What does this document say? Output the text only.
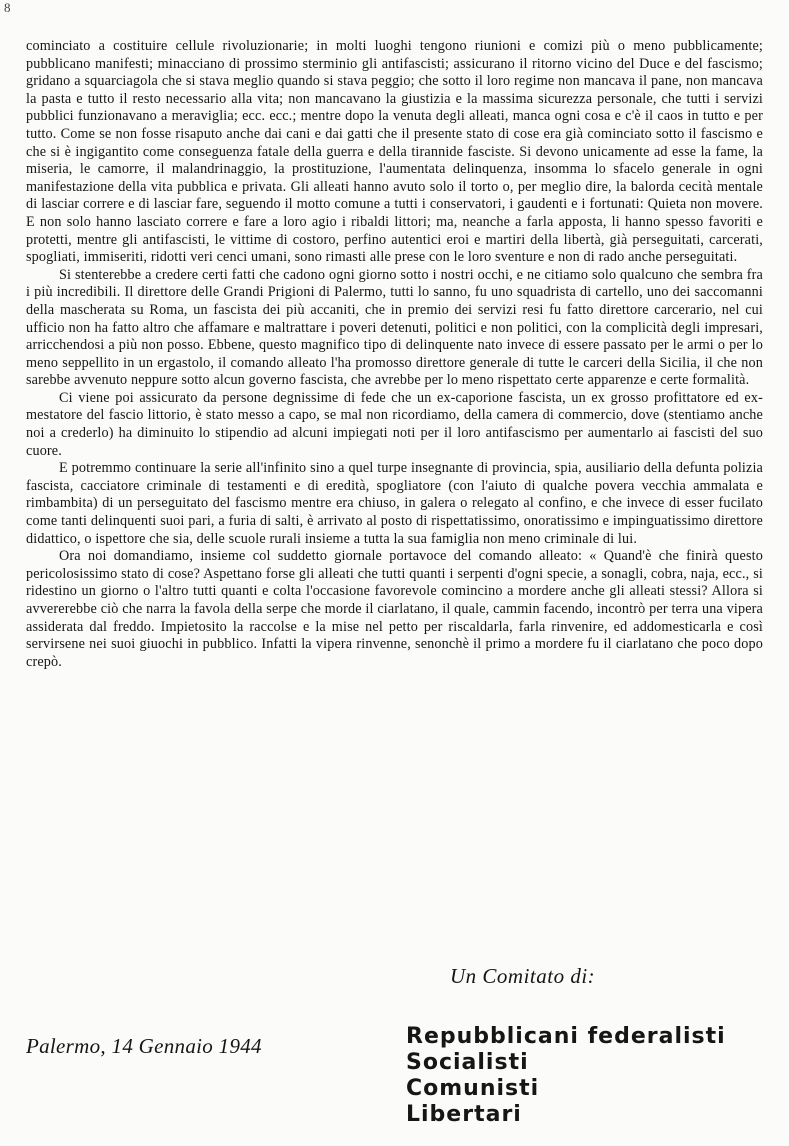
8

cominciato a costituire cellule rivoluzionarie; in molti luoghi tengono riunioni e comizi più o meno pubblicamente; pubblicano manifesti; minacciano di prossimo sterminio gli antifascisti; assicurano il ritorno vicino del Duce e del fascismo; gridano a squarciagola che si stava meglio quando si stava peggio; che sotto il loro regime non mancava il pane, non mancava la pasta e tutto il resto necessario alla vita; non mancavano la giustizia e la massima sicurezza personale, che tutti i servizi pubblici funzionavano a meraviglia; ecc. ecc.; mentre dopo la venuta degli alleati, manca ogni cosa e c'è il caos in tutto e per tutto. Come se non fosse risaputo anche dai cani e dai gatti che il presente stato di cose era già cominciato sotto il fascismo e che si è ingigantito come conseguenza fatale della guerra e della tirannide fasciste. Si devono unicamente ad esse la fame, la miseria, le camorre, il malandrinaggio, la prostituzione, l'aumentata delinquenza, insomma lo sfacelo generale in ogni manifestazione della vita pubblica e privata. Gli alleati hanno avuto solo il torto o, per meglio dire, la balorda cecità mentale di lasciar correre e di lasciar fare, seguendo il motto comune a tutti i conservatori, i gaudenti e i fortunati: Quieta non movere. E non solo hanno lasciato correre e fare a loro agio i ribaldi littori; ma, neanche a farla apposta, li hanno spesso favoriti e protetti, mentre gli antifascisti, le vittime di costoro, perfino autentici eroi e martiri della libertà, già perseguitati, carcerati, spogliati, immiseriti, ridotti veri cenci umani, sono rimasti alle prese con le loro sventure e non di rado anche perseguitati.

Si stenterebbe a credere certi fatti che cadono ogni giorno sotto i nostri occhi, e ne citiamo solo qualcuno che sembra fra i più incredibili. Il direttore delle Grandi Prigioni di Palermo, tutti lo sanno, fu uno squadrista di cartello, uno dei saccomanni della mascherata su Roma, un fascista dei più accaniti, che in premio dei servizi resi fu fatto direttore carcerario, nel cui ufficio non ha fatto altro che affamare e maltrattare i poveri detenuti, politici e non politici, con la complicità degli impresari, arricchendosi a più non posso. Ebbene, questo magnifico tipo di delinquente nato invece di essere passato per le armi o per lo meno seppellito in un ergastolo, il comando alleato l'ha promosso direttore generale di tutte le carceri della Sicilia, il che non sarebbe avvenuto neppure sotto alcun governo fascista, che avrebbe per lo meno rispettato certe apparenze e certe formalità.

Ci viene poi assicurato da persone degnissime di fede che un ex-caporione fascista, un ex grosso profittatore ed ex-mestatore del fascio littorio, è stato messo a capo, se mal non ricordiamo, della camera di commercio, dove (stentiamo anche noi a crederlo) ha diminuito lo stipendio ad alcuni impiegati noti per il loro antifascismo per aumentarlo ai fascisti del suo cuore.

E potremmo continuare la serie all'infinito sino a quel turpe insegnante di provincia, spia, ausiliario della defunta polizia fascista, cacciatore criminale di testamenti e di eredità, spogliatore (con l'aiuto di qualche povera vecchia ammalata e rimbambita) di un perseguitato del fascismo mentre era chiuso, in galera o relegato al confino, e che invece di esser fucilato come tanti delinquenti suoi pari, a furia di salti, è arrivato al posto di rispettatissimo, onoratissimo e impinguatissimo direttore didattico, o ispettore che sia, delle scuole rurali insieme a tutta la sua famiglia non meno criminale di lui.

Ora noi domandiamo, insieme col suddetto giornale portavoce del comando alleato: « Quand'è che finirà questo pericolosissimo stato di cose? Aspettano forse gli alleati che tutti quanti i serpenti d'ogni specie, a sonagli, cobra, naja, ecc., si ridestino un giorno o l'altro tutti quanti e colta l'occasione favorevole comincino a mordere anche gli alleati stessi? Allora si avvererebbe ciò che narra la favola della serpe che morde il ciarlatano, il quale, cammin facendo, incontrò per terra una vipera assiderata dal freddo. Impietosito la raccolse e la mise nel petto per riscaldarla, farla rinvenire, ed addomesticarla e così servirsene nei suoi giuochi in pubblico. Infatti la vipera rinvenne, senonchè il primo a mordere fu il ciarlatano che poco dopo crepò.

Un Comitato di:
Palermo, 14 Gennaio 1944	Repubblicani federalisti
Socialisti
Comunisti
Libertari
